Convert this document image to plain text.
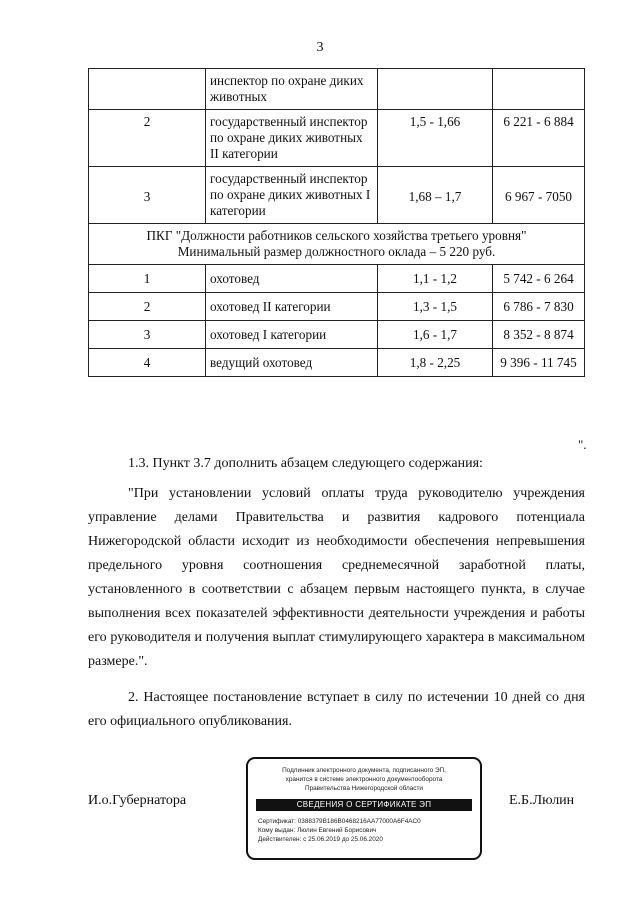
3
	инспектор по охране диких животных		
2	государственный инспектор по охране диких животных II категории	1,5 - 1,66	6 221 - 6 884
3	государственный инспектор по охране диких животных I категории	1,68 – 1,7	6 967 - 7050

ПКГ "Должности работников сельского хозяйства третьего уровня"
Минимальный размер должностного оклада – 5 220 руб.			

1	охотовед	1,1 - 1,2	5 742 - 6 264
2	охотовед II категории	1,3 - 1,5	6 786 - 7 830
3	охотовед I категории	1,6 - 1,7	8 352 - 8 874
4	ведущий охотовед	1,8 - 2,25	9 396 - 11 745
".

1.3. Пункт 3.7 дополнить абзацем следующего содержания:

"При установлении условий оплаты труда руководителю учреждения управление делами Правительства и развития кадрового потенциала Нижегородской области исходит из необходимости обеспечения непревышения предельного уровня соотношения среднемесячной заработной платы, установленного в соответствии с абзацем первым настоящего пункта, в случае выполнения всех показателей эффективности деятельности учреждения и работы его руководителя и получения выплат стимулирующего характера в максимальном размере.".

2. Настоящее постановление вступает в силу по истечении 10 дней со дня его официального опубликования.

И.о.Губернатора	Е.Б.Люлин
Подлинник электронного документа, подписанного ЭП,
хранится в системе электронного документооборота
Правительства Нижегородской области
СВЕДЕНИЯ О СЕРТИФИКАТЕ ЭП
Сертификат: 0388379B186B0468216AA77000A6F4AC0
Кому выдан: Люлин Евгений Борисович
Действителен: с 25.06.2019 до 25.06.2020
